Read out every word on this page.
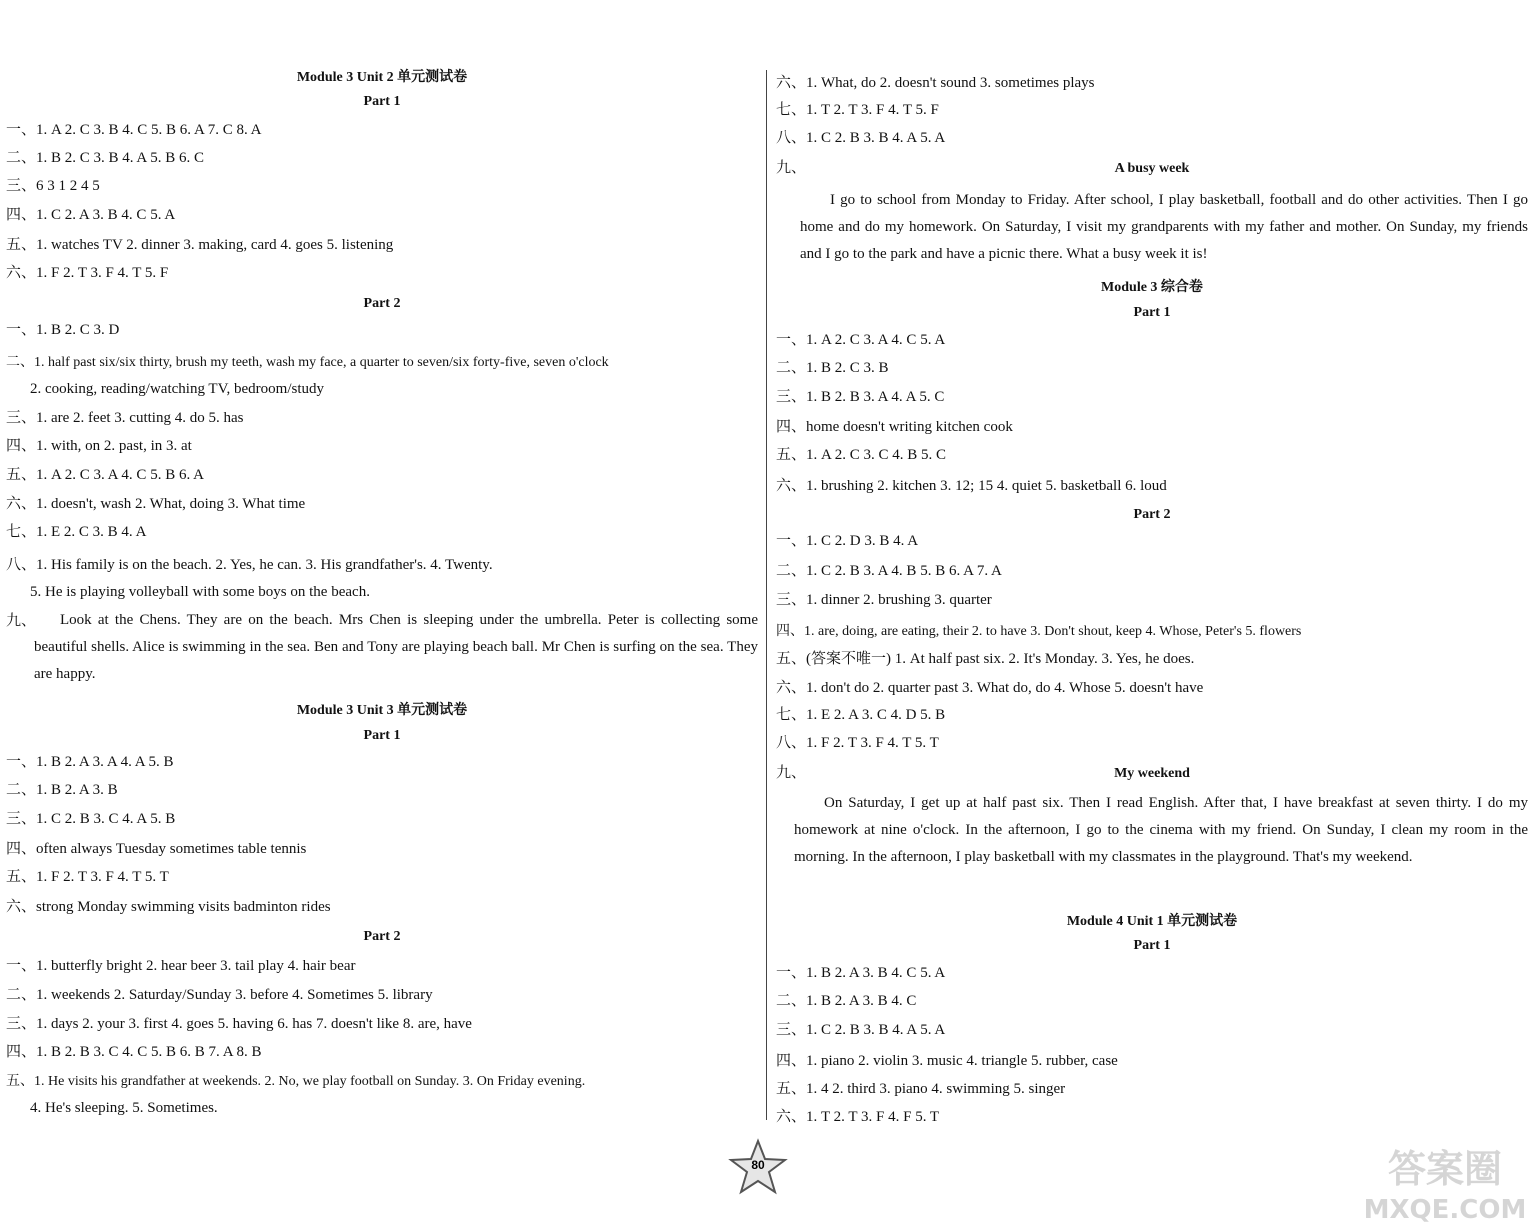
Module 3 Unit 2 单元测试卷
Part 1
一、1. A 2. C 3. B 4. C 5. B 6. A 7. C 8. A
二、1. B 2. C 3. B 4. A 5. B 6. C
三、6 3 1 2 4 5
四、1. C 2. A 3. B 4. C 5. A
五、1. watches TV 2. dinner 3. making, card 4. goes 5. listening
六、1. F 2. T 3. F 4. T 5. F
Part 2
一、1. B 2. C 3. D
二、1. half past six/six thirty, brush my teeth, wash my face, a quarter to seven/six forty-five, seven o'clock
2. cooking, reading/watching TV, bedroom/study
三、1. are 2. feet 3. cutting 4. do 5. has
四、1. with, on 2. past, in 3. at
五、1. A 2. C 3. A 4. C 5. B 6. A
六、1. doesn't, wash 2. What, doing 3. What time
七、1. E 2. C 3. B 4. A
八、1. His family is on the beach. 2. Yes, he can. 3. His grandfather's. 4. Twenty.
5. He is playing volleyball with some boys on the beach.
九、	Look at the Chens. They are on the beach. Mrs Chen is sleeping under the umbrella. Peter is collecting some beautiful shells. Alice is swimming in the sea. Ben and Tony are playing beach ball. Mr Chen is surfing on the sea. They are happy.
Module 3 Unit 3 单元测试卷
Part 1
一、1. B 2. A 3. A 4. A 5. B
二、1. B 2. A 3. B
三、1. C 2. B 3. C 4. A 5. B
四、often always Tuesday sometimes table tennis
五、1. F 2. T 3. F 4. T 5. T
六、strong Monday swimming visits badminton rides
Part 2
一、1. butterfly bright 2. hear beer 3. tail play 4. hair bear
二、1. weekends 2. Saturday/Sunday 3. before 4. Sometimes 5. library
三、1. days 2. your 3. first 4. goes 5. having 6. has 7. doesn't like 8. are, have
四、1. B 2. B 3. C 4. C 5. B 6. B 7. A 8. B
五、1. He visits his grandfather at weekends. 2. No, we play football on Sunday. 3. On Friday evening.
4. He's sleeping. 5. Sometimes.
六、1. What, do 2. doesn't sound 3. sometimes plays
七、1. T 2. T 3. F 4. T 5. F
八、1. C 2. B 3. B 4. A 5. A
九、	A busy week
I go to school from Monday to Friday. After school, I play basketball, football and do other activities. Then I go home and do my homework. On Saturday, I visit my grandparents with my father and mother. On Sunday, my friends and I go to the park and have a picnic there. What a busy week it is!
Module 3 综合卷
Part 1
一、1. A 2. C 3. A 4. C 5. A
二、1. B 2. C 3. B
三、1. B 2. B 3. A 4. A 5. C
四、home doesn't writing kitchen cook
五、1. A 2. C 3. C 4. B 5. C
六、1. brushing 2. kitchen 3. 12; 15 4. quiet 5. basketball 6. loud
Part 2
一、1. C 2. D 3. B 4. A
二、1. C 2. B 3. A 4. B 5. B 6. A 7. A
三、1. dinner 2. brushing 3. quarter
四、1. are, doing, are eating, their 2. to have 3. Don't shout, keep 4. Whose, Peter's 5. flowers
五、(答案不唯一) 1. At half past six. 2. It's Monday. 3. Yes, he does.
六、1. don't do 2. quarter past 3. What do, do 4. Whose 5. doesn't have
七、1. E 2. A 3. C 4. D 5. B
八、1. F 2. T 3. F 4. T 5. T
九、	My weekend
On Saturday, I get up at half past six. Then I read English. After that, I have breakfast at seven thirty. I do my homework at nine o'clock. In the afternoon, I go to the cinema with my friend. On Sunday, I clean my room in the morning. In the afternoon, I play basketball with my classmates in the playground. That's my weekend.
Module 4 Unit 1 单元测试卷
Part 1
一、1. B 2. A 3. B 4. C 5. A
二、1. B 2. A 3. B 4. C
三、1. C 2. B 3. B 4. A 5. A
四、1. piano 2. violin 3. music 4. triangle 5. rubber, case
五、1. 4 2. third 3. piano 4. swimming 5. singer
六、1. T 2. T 3. F 4. F 5. T
80	答案圈
MXQE.COM
